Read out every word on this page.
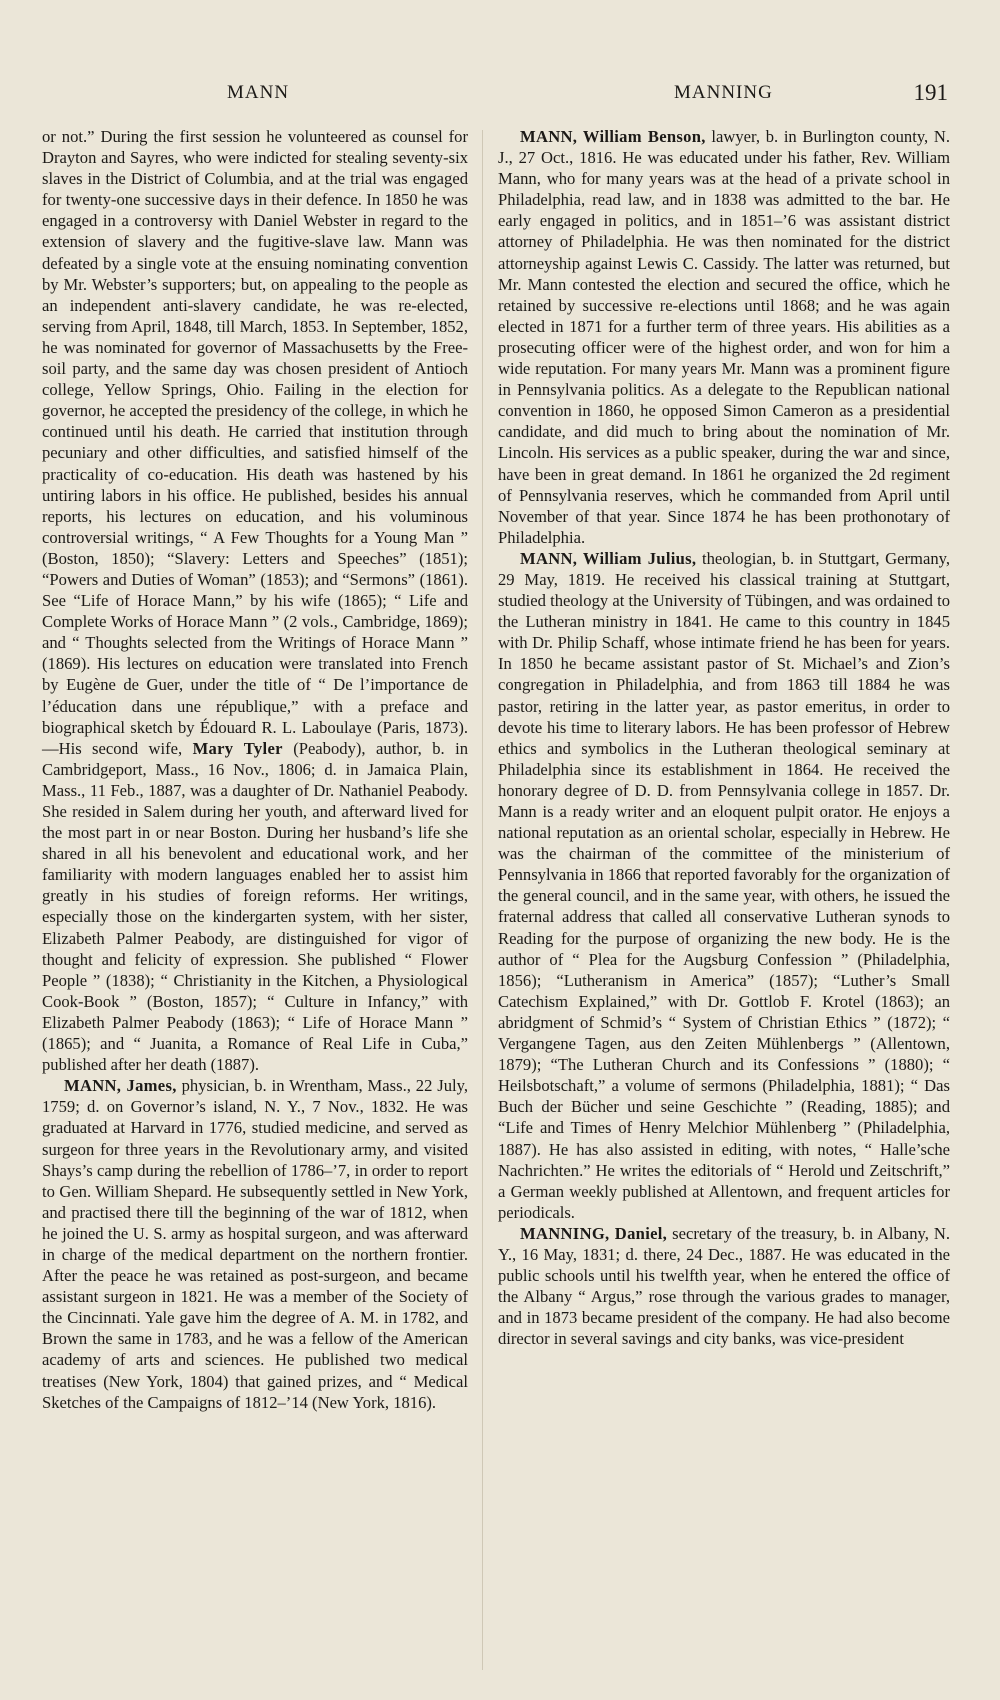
MANN	MANNING	191

or not.” During the first session he volunteered as counsel for Drayton and Sayres, who were indicted for stealing seventy-six slaves in the District of Columbia, and at the trial was engaged for twenty-one successive days in their defence. In 1850 he was engaged in a controversy with Daniel Webster in regard to the extension of slavery and the fugitive-slave law. Mann was defeated by a single vote at the ensuing nominating convention by Mr. Webster’s supporters; but, on appealing to the people as an independent anti-slavery candidate, he was re-elected, serving from April, 1848, till March, 1853. In September, 1852, he was nominated for governor of Massachusetts by the Free-soil party, and the same day was chosen president of Antioch college, Yellow Springs, Ohio. Failing in the election for governor, he accepted the presidency of the college, in which he continued until his death. He carried that institution through pecuniary and other difficulties, and satisfied himself of the practicality of co-education. His death was hastened by his untiring labors in his office. He published, besides his annual reports, his lectures on education, and his voluminous controversial writings, “ A Few Thoughts for a Young Man ” (Boston, 1850); “Slavery: Letters and Speeches” (1851); “Powers and Duties of Woman” (1853); and “Sermons” (1861). See “Life of Horace Mann,” by his wife (1865); “ Life and Complete Works of Horace Mann ” (2 vols., Cambridge, 1869); and “ Thoughts selected from the Writings of Horace Mann ” (1869). His lectures on education were translated into French by Eugène de Guer, under the title of “ De l’importance de l’éducation dans une république,” with a preface and biographical sketch by Édouard R. L. Laboulaye (Paris, 1873).—His second wife, Mary Tyler (Peabody), author, b. in Cambridgeport, Mass., 16 Nov., 1806; d. in Jamaica Plain, Mass., 11 Feb., 1887, was a daughter of Dr. Nathaniel Peabody. She resided in Salem during her youth, and afterward lived for the most part in or near Boston. During her husband’s life she shared in all his benevolent and educational work, and her familiarity with modern languages enabled her to assist him greatly in his studies of foreign reforms. Her writings, especially those on the kindergarten system, with her sister, Elizabeth Palmer Peabody, are distinguished for vigor of thought and felicity of expression. She published “ Flower People ” (1838); “ Christianity in the Kitchen, a Physiological Cook-Book ” (Boston, 1857); “ Culture in Infancy,” with Elizabeth Palmer Peabody (1863); “ Life of Horace Mann ” (1865); and “ Juanita, a Romance of Real Life in Cuba,” published after her death (1887).

MANN, James, physician, b. in Wrentham, Mass., 22 July, 1759; d. on Governor’s island, N. Y., 7 Nov., 1832. He was graduated at Harvard in 1776, studied medicine, and served as surgeon for three years in the Revolutionary army, and visited Shays’s camp during the rebellion of 1786–’7, in order to report to Gen. William Shepard. He subsequently settled in New York, and practised there till the beginning of the war of 1812, when he joined the U. S. army as hospital surgeon, and was afterward in charge of the medical department on the northern frontier. After the peace he was retained as post-surgeon, and became assistant surgeon in 1821. He was a member of the Society of the Cincinnati. Yale gave him the degree of A. M. in 1782, and Brown the same in 1783, and he was a fellow of the American academy of arts and sciences. He published two medical treatises (New York, 1804) that gained prizes, and “ Medical Sketches of the Campaigns of 1812–’14 (New York, 1816).

MANN, William Benson, lawyer, b. in Burlington county, N. J., 27 Oct., 1816. He was educated under his father, Rev. William Mann, who for many years was at the head of a private school in Philadelphia, read law, and in 1838 was admitted to the bar. He early engaged in politics, and in 1851–’6 was assistant district attorney of Philadelphia. He was then nominated for the district attorneyship against Lewis C. Cassidy. The latter was returned, but Mr. Mann contested the election and secured the office, which he retained by successive re-elections until 1868; and he was again elected in 1871 for a further term of three years. His abilities as a prosecuting officer were of the highest order, and won for him a wide reputation. For many years Mr. Mann was a prominent figure in Pennsylvania politics. As a delegate to the Republican national convention in 1860, he opposed Simon Cameron as a presidential candidate, and did much to bring about the nomination of Mr. Lincoln. His services as a public speaker, during the war and since, have been in great demand. In 1861 he organized the 2d regiment of Pennsylvania reserves, which he commanded from April until November of that year. Since 1874 he has been prothonotary of Philadelphia.

MANN, William Julius, theologian, b. in Stuttgart, Germany, 29 May, 1819. He received his classical training at Stuttgart, studied theology at the University of Tübingen, and was ordained to the Lutheran ministry in 1841. He came to this country in 1845 with Dr. Philip Schaff, whose intimate friend he has been for years. In 1850 he became assistant pastor of St. Michael’s and Zion’s congregation in Philadelphia, and from 1863 till 1884 he was pastor, retiring in the latter year, as pastor emeritus, in order to devote his time to literary labors. He has been professor of Hebrew ethics and symbolics in the Lutheran theological seminary at Philadelphia since its establishment in 1864. He received the honorary degree of D. D. from Pennsylvania college in 1857. Dr. Mann is a ready writer and an eloquent pulpit orator. He enjoys a national reputation as an oriental scholar, especially in Hebrew. He was the chairman of the committee of the ministerium of Pennsylvania in 1866 that reported favorably for the organization of the general council, and in the same year, with others, he issued the fraternal address that called all conservative Lutheran synods to Reading for the purpose of organizing the new body. He is the author of “ Plea for the Augsburg Confession ” (Philadelphia, 1856); “Lutheranism in America” (1857); “Luther’s Small Catechism Explained,” with Dr. Gottlob F. Krotel (1863); an abridgment of Schmid’s “ System of Christian Ethics ” (1872); “ Vergangene Tagen, aus den Zeiten Mühlenbergs ” (Allentown, 1879); “The Lutheran Church and its Confessions ” (1880); “ Heilsbotschaft,” a volume of sermons (Philadelphia, 1881); “ Das Buch der Bücher und seine Geschichte ” (Reading, 1885); and “Life and Times of Henry Melchior Mühlenberg ” (Philadelphia, 1887). He has also assisted in editing, with notes, “ Halle’sche Nachrichten.” He writes the editorials of “ Herold und Zeitschrift,” a German weekly published at Allentown, and frequent articles for periodicals.

MANNING, Daniel, secretary of the treasury, b. in Albany, N. Y., 16 May, 1831; d. there, 24 Dec., 1887. He was educated in the public schools until his twelfth year, when he entered the office of the Albany “ Argus,” rose through the various grades to manager, and in 1873 became president of the company. He had also become director in several savings and city banks, was vice-president
